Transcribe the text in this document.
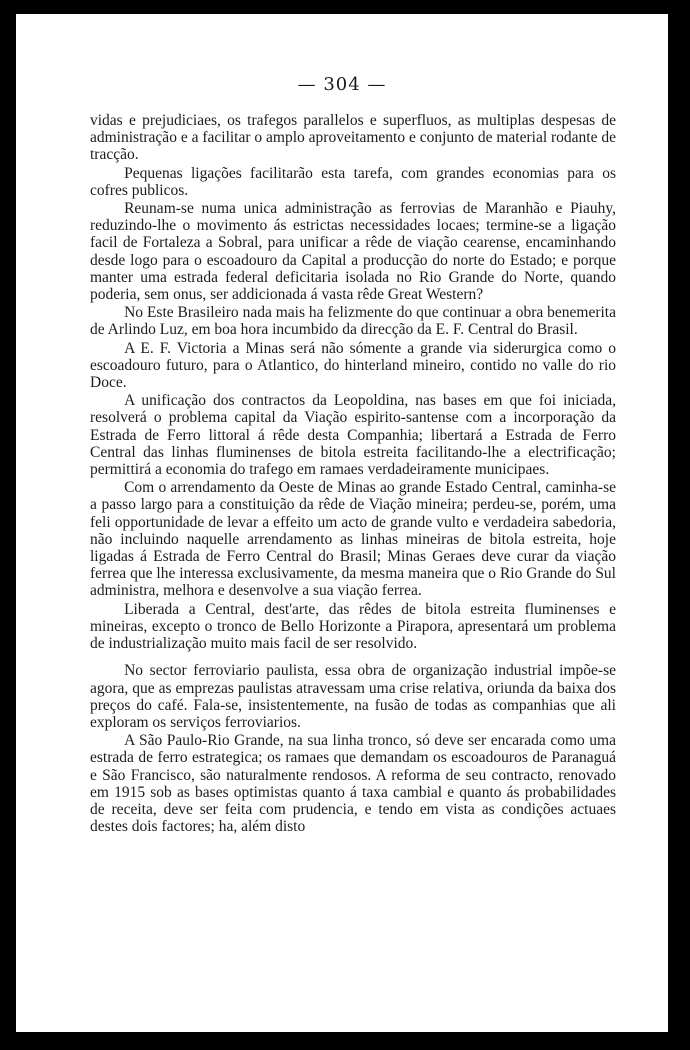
— 304 —

vidas e prejudiciaes, os trafegos parallelos e superfluos, as multiplas despesas de administração e a facilitar o amplo aproveitamento e conjunto de material rodante de tracção.

Pequenas ligações facilitarão esta tarefa, com grandes economias para os cofres publicos.

Reunam-se numa unica administração as ferrovias de Maranhão e Piauhy, reduzindo-lhe o movimento ás estrictas necessidades locaes; termine-se a ligação facil de Fortaleza a Sobral, para unificar a rêde de viação cearense, encaminhando desde logo para o escoadouro da Capital a producção do norte do Estado; e porque manter uma estrada federal deficitaria isolada no Rio Grande do Norte, quando poderia, sem onus, ser addicionada á vasta rêde Great Western?

No Este Brasileiro nada mais ha felizmente do que continuar a obra benemerita de Arlindo Luz, em boa hora incumbido da direcção da E. F. Central do Brasil.

A E. F. Victoria a Minas será não sómente a grande via siderurgica como o escoadouro futuro, para o Atlantico, do hinterland mineiro, contido no valle do rio Doce.

A unificação dos contractos da Leopoldina, nas bases em que foi iniciada, resolverá o problema capital da Viação espirito-santense com a incorporação da Estrada de Ferro littoral á rêde desta Companhia; libertará a Estrada de Ferro Central das linhas fluminenses de bitola estreita facilitando-lhe a electrificação; permittirá a economia do trafego em ramaes verdadeiramente municipaes.

Com o arrendamento da Oeste de Minas ao grande Estado Central, caminha-se a passo largo para a constituição da rêde de Viação mineira; perdeu-se, porém, uma feli opportunidade de levar a effeito um acto de grande vulto e verdadeira sabedoria, não incluindo naquelle arrendamento as linhas mineiras de bitola estreita, hoje ligadas á Estrada de Ferro Central do Brasil; Minas Geraes deve curar da viação ferrea que lhe interessa exclusivamente, da mesma maneira que o Rio Grande do Sul administra, melhora e desenvolve a sua viação ferrea.

Liberada a Central, dest'arte, das rêdes de bitola estreita fluminenses e mineiras, excepto o tronco de Bello Horizonte a Pirapora, apresentará um problema de industrialização muito mais facil de ser resolvido.

No sector ferroviario paulista, essa obra de organização industrial impõe-se agora, que as emprezas paulistas atravessam uma crise relativa, oriunda da baixa dos preços do café. Fala-se, insistentemente, na fusão de todas as companhias que ali exploram os serviços ferroviarios.

A São Paulo-Rio Grande, na sua linha tronco, só deve ser encarada como uma estrada de ferro estrategica; os ramaes que demandam os escoadouros de Paranaguá e São Francisco, são naturalmente rendosos. A reforma de seu contracto, renovado em 1915 sob as bases optimistas quanto á taxa cambial e quanto ás probabilidades de receita, deve ser feita com prudencia, e tendo em vista as condições actuaes destes dois factores; ha, além disto
